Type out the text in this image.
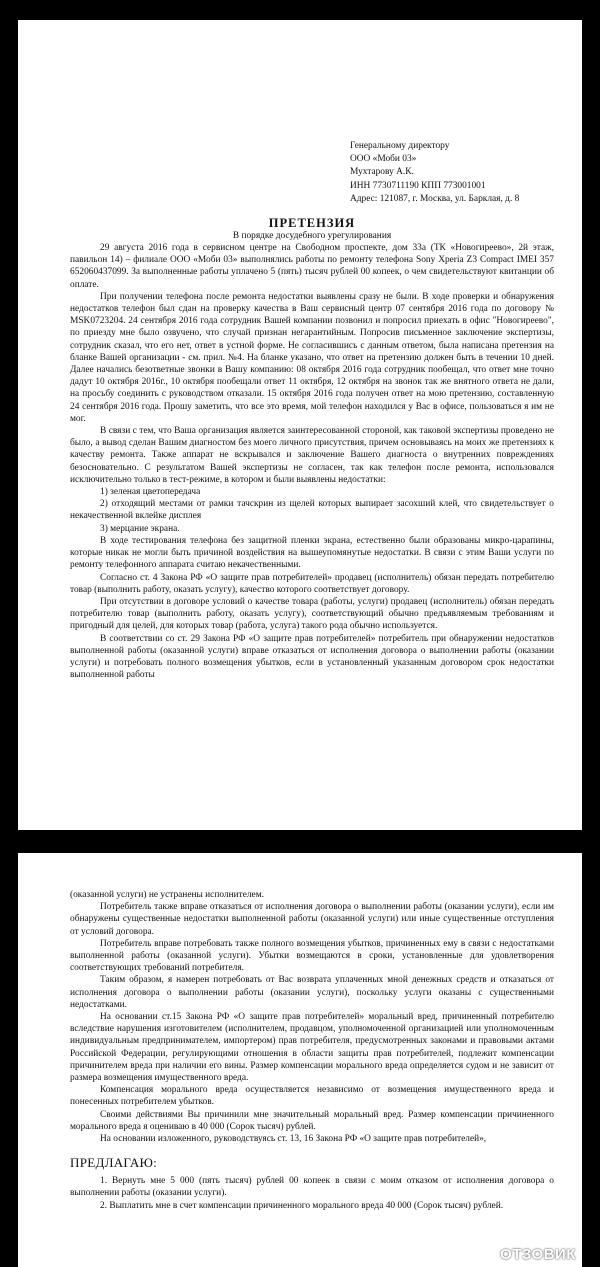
Генеральному директору
ООО «Моби 03»
Мухтарову А.К.
ИНН 7730711190 КПП 773001001
Адрес: 121087, г. Москва, ул. Барклая, д. 8

ПРЕТЕНЗИЯ

В порядке досудебного урегулирования

29 августа 2016 года в сервисном центре на Свободном проспекте, дом 33а (ТК «Новогиреево», 2й этаж, павильон 14) – филиале ООО «Моби 03» выполнялись работы по ремонту телефона Sony Xperia Z3 Compact IMEI 357 652060437099. За выполненные работы уплачено 5 (пять) тысяч рублей 00 копеек, о чем свидетельствуют квитанции об оплате.

При получении телефона после ремонта недостатки выявлены сразу не были. В ходе проверки и обнаружения недостатков телефон был сдан на проверку качества в Ваш сервисный центр 07 сентября 2016 года по договору № MSK0723204. 24 сентября 2016 года сотрудник Вашей компании позвонил и попросил приехать в офис "Новогиреево", по приезду мне было озвучено, что случай признан негарантийным. Попросив письменное заключение экспертизы, сотрудник сказал, что его нет, ответ в устной форме. Не согласившись с данным ответом, была написана претензия на бланке Вашей организации - см. прил. №4. На бланке указано, что ответ на претензию должен быть в течении 10 дней. Далее начались безответные звонки в Вашу компанию: 08 октября 2016 года сотрудник пообещал, что ответ мне точно дадут 10 октября 2016г., 10 октября пообещали ответ 11 октября, 12 октября на звонок так же внятного ответа не дали, на просьбу соединить с руководством отказали. 15 октября 2016 года получен ответ на мою претензию, составленную 24 сентября 2016 года. Прошу заметить, что все это время, мой телефон находился у Вас в офисе, пользоваться я им не мог.

В связи с тем, что Ваша организация является заинтересованной стороной, как таковой экспертизы проведено не было, а вывод сделан Вашим диагностом без моего личного присутствия, причем основываясь на моих же претензиях к качеству ремонта. Также аппарат не вскрывался и заключение Вашего диагноста о внутренних повреждениях безосновательно. С результатом Вашей экспертизы не согласен, так как телефон после ремонта, использовался исключительно только в тест-режиме, в котором и были выявлены недостатки:

1) зеленая цветопередача

2) отходящий местами от рамки тачскрин из щелей которых выпирает засохший клей, что свидетельствует о некачественной вклейке дисплея

3) мерцание экрана.

В ходе тестирования телефона без защитной пленки экрана, естественно были образованы микро-царапины, которые никак не могли быть причиной воздействия на вышеупомянутые недостатки. В связи с этим Ваши услуги по ремонту телефонного аппарата считаю некачественными.

Согласно ст. 4 Закона РФ «О защите прав потребителей» продавец (исполнитель) обязан передать потребителю товар (выполнить работу, оказать услугу), качество которого соответствует договору.

При отсутствии в договоре условий о качестве товара (работы, услуги) продавец (исполнитель) обязан передать потребителю товар (выполнить работу, оказать услугу), соответствующий обычно предъявляемым требованиям и пригодный для целей, для которых товар (работа, услуга) такого рода обычно используется.

В соответствии со ст. 29 Закона РФ «О защите прав потребителей» потребитель при обнаружении недостатков выполненной работы (оказанной услуги) вправе отказаться от исполнения договора о выполнении работы (оказании услуги) и потребовать полного возмещения убытков, если в установленный указанным договором срок недостатки выполненной работы

(оказанной услуги) не устранены исполнителем.

Потребитель также вправе отказаться от исполнения договора о выполнении работы (оказании услуги), если им обнаружены существенные недостатки выполненной работы (оказанной услуги) или иные существенные отступления от условий договора.

Потребитель вправе потребовать также полного возмещения убытков, причиненных ему в связи с недостатками выполненной работы (оказанной услуги). Убытки возмещаются в сроки, установленные для удовлетворения соответствующих требований потребителя.

Таким образом, я намерен потребовать от Вас возврата уплаченных мной денежных средств и отказаться от исполнения договора о выполнении работы (оказании услуги), поскольку услуги оказаны с существенными недостатками.

На основании ст.15 Закона РФ «О защите прав потребителей» моральный вред, причиненный потребителю вследствие нарушения изготовителем (исполнителем, продавцом, уполномоченной организацией или уполномоченным индивидуальным предпринимателем, импортером) прав потребителя, предусмотренных законами и правовыми актами Российской Федерации, регулирующими отношения в области защиты прав потребителей, подлежит компенсации причинителем вреда при наличии его вины. Размер компенсации морального вреда определяется судом и не зависит от размера возмещения имущественного вреда.

Компенсация морального вреда осуществляется независимо от возмещения имущественного вреда и понесенных потребителем убытков.

Своими действиями Вы причинили мне значительный моральный вред. Размер компенсации причиненного морального вреда я оцениваю в 40 000 (Сорок тысяч) рублей.

На основании изложенного, руководствуясь ст. 13, 16 Закона РФ «О защите прав потребителей»,

ПРЕДЛАГАЮ:

1. Вернуть мне 5 000 (пять тысяч) рублей 00 копеек в связи с моим отказом от исполнения договора о выполнении работы (оказании услуги).

2. Выплатить мне в счет компенсации причиненного морального вреда 40 000 (Сорок тысяч) рублей.

ОТЗОВИК
